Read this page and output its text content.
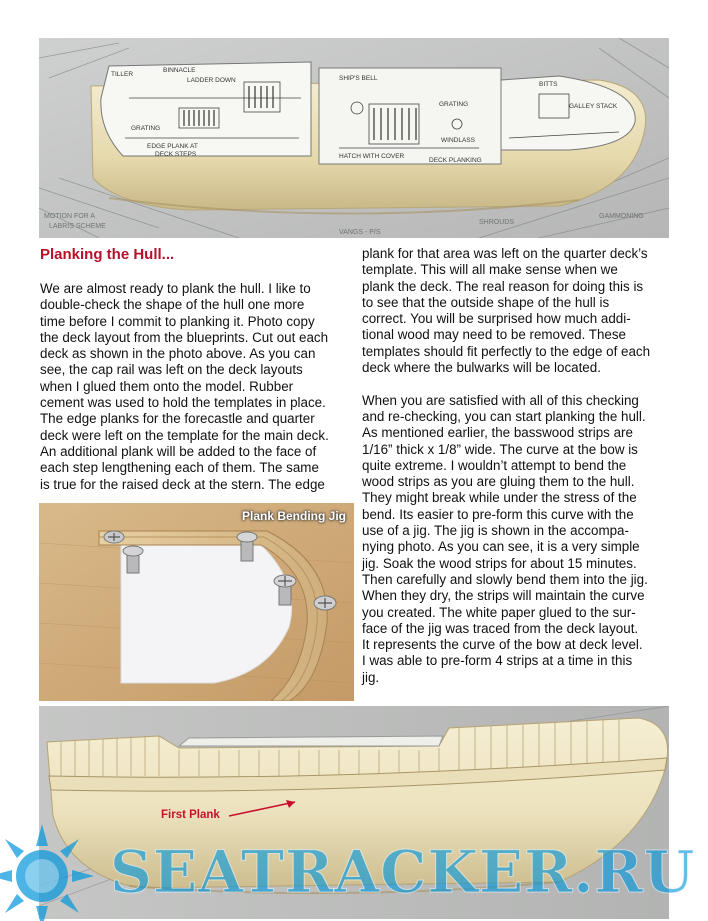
MOTION FOR A
LABRIS SCHEME
VANGS - P/S
SHROUDS
GAMMONING
TILLER
BINNACLE
LADDER DOWN
GRATING
EDGE PLANK AT
DECK STEPS
SHIP'S BELL
GRATING
WINDLASS
HATCH WITH COVER
DECK PLANKING
GALLEY STACK
BITTS
Planking the Hull...
We are almost ready to plank the hull. I like to
double-check the shape of the hull one more
time before I commit to planking it. Photo copy
the deck layout from the blueprints. Cut out each
deck as shown in the photo above. As you can
see, the cap rail was left on the deck layouts
when I glued them onto the model. Rubber
cement was used to hold the templates in place.
The edge planks for the forecastle and quarter
deck were left on the template for the main deck.
An additional plank will be added to the face of
each step lengthening each of them. The same
is true for the raised deck at the stern. The edge
plank for that area was left on the quarter deck’s
template. This will all make sense when we
plank the deck. The real reason for doing this is
to see that the outside shape of the hull is
correct. You will be surprised how much addi-
tional wood may need to be removed. These
templates should fit perfectly to the edge of each
deck where the bulwarks will be located.
When you are satisfied with all of this checking
and re-checking, you can start planking the hull.
As mentioned earlier, the basswood strips are
1/16” thick x 1/8” wide. The curve at the bow is
quite extreme. I wouldn’t attempt to bend the
wood strips as you are gluing them to the hull.
They might break while under the stress of the
bend. Its easier to pre-form this curve with the
use of a jig. The jig is shown in the accompa-
nying photo. As you can see, it is a very simple
jig. Soak the wood strips for about 15 minutes.
Then carefully and slowly bend them into the jig.
When they dry, the strips will maintain the curve
you created. The white paper glued to the sur-
face of the jig was traced from the deck layout.
It represents the curve of the bow at deck level.
I was able to pre-form 4 strips at a time in this
jig.
Plank Bending Jig
First Plank
SEATRACKER.RU
